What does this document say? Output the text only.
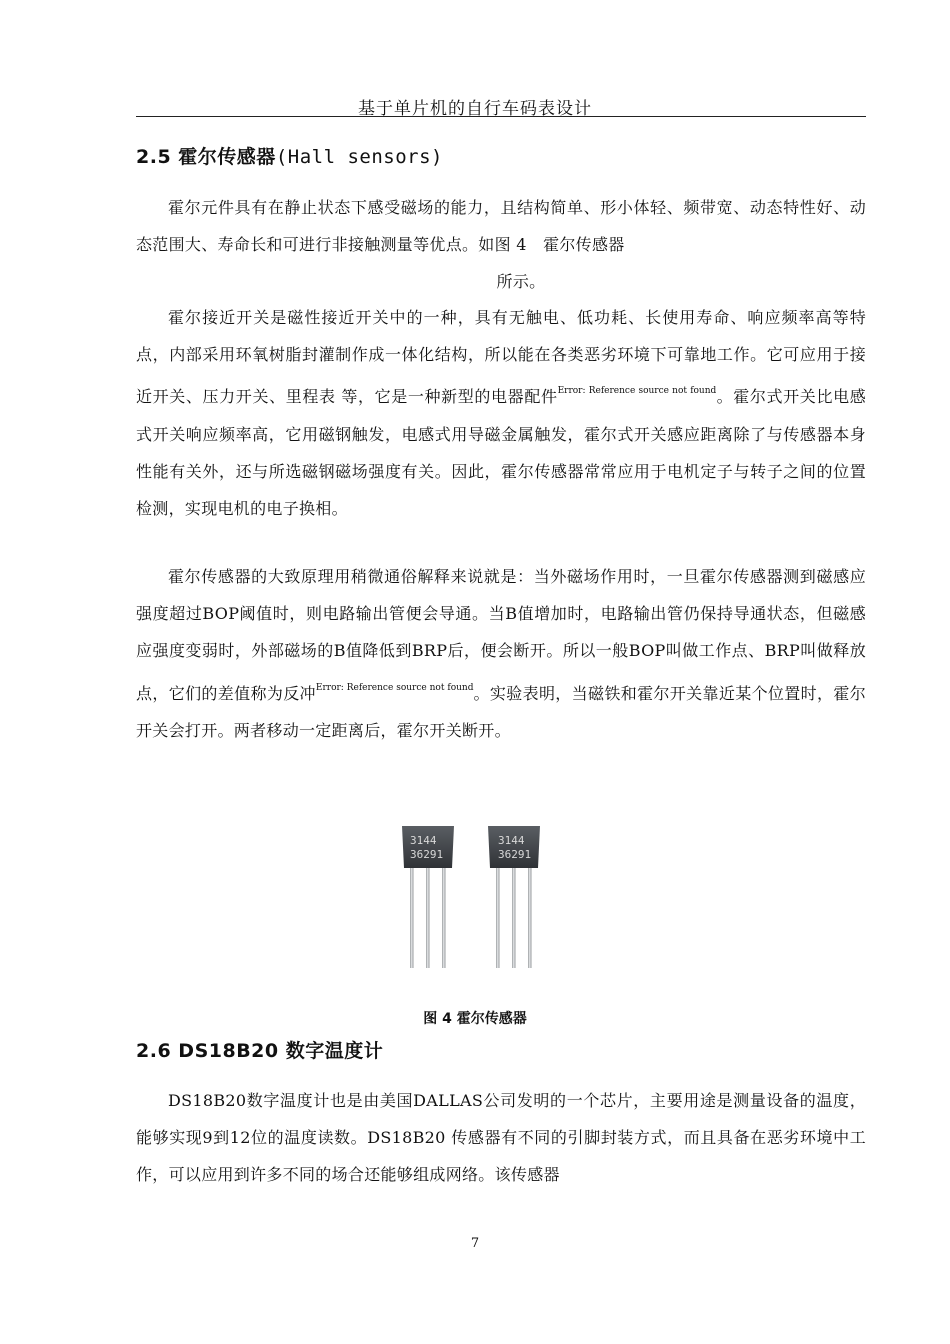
基于单片机的自行车码表设计
2.5 霍尔传感器(Hall sensors)
霍尔元件具有在静止状态下感受磁场的能力，且结构简单、形小体轻、频带宽、动态特性好、动态范围大、寿命长和可进行非接触测量等优点。如图 4　霍尔传感器
所示。
霍尔接近开关是磁性接近开关中的一种，具有无触电、低功耗、长使用寿命、响应频率高等特点，内部采用环氧树脂封灌制作成一体化结构，所以能在各类恶劣环境下可靠地工作。它可应用于接近开关、压力开关、里程表 等，它是一种新型的电器配件$^{Error: Reference source not found}$。霍尔式开关比电感式开关响应频率高，它用磁钢触发，电感式用导磁金属触发，霍尔式开关感应距离除了与传感器本身性能有关外，还与所选磁钢磁场强度有关。因此，霍尔传感器常常应用于电机定子与转子之间的位置检测，实现电机的电子换相。
霍尔传感器的大致原理用稍微通俗解释来说就是：当外磁场作用时，一旦霍尔传感器测到磁感应强度超过BOP阈值时，则电路输出管便会导通。当B值增加时，电路输出管仍保持导通状态，但磁感应强度变弱时，外部磁场的B值降低到BRP后，便会断开。所以一般BOP叫做工作点、BRP叫做释放点，它们的差值称为反冲$^{Error: Reference source not found}$。实验表明，当磁铁和霍尔开关靠近某个位置时，霍尔开关会打开。两者移动一定距离后，霍尔开关断开。
3144
36291
3144
36291
图 4 霍尔传感器
2.6 DS18B20 数字温度计
DS18B20数字温度计也是由美国DALLAS公司发明的一个芯片，主要用途是测量设备的温度，能够实现9到12位的温度读数。DS18B20 传感器有不同的引脚封装方式，而且具备在恶劣环境中工作，可以应用到许多不同的场合还能够组成网络。该传感器
7
